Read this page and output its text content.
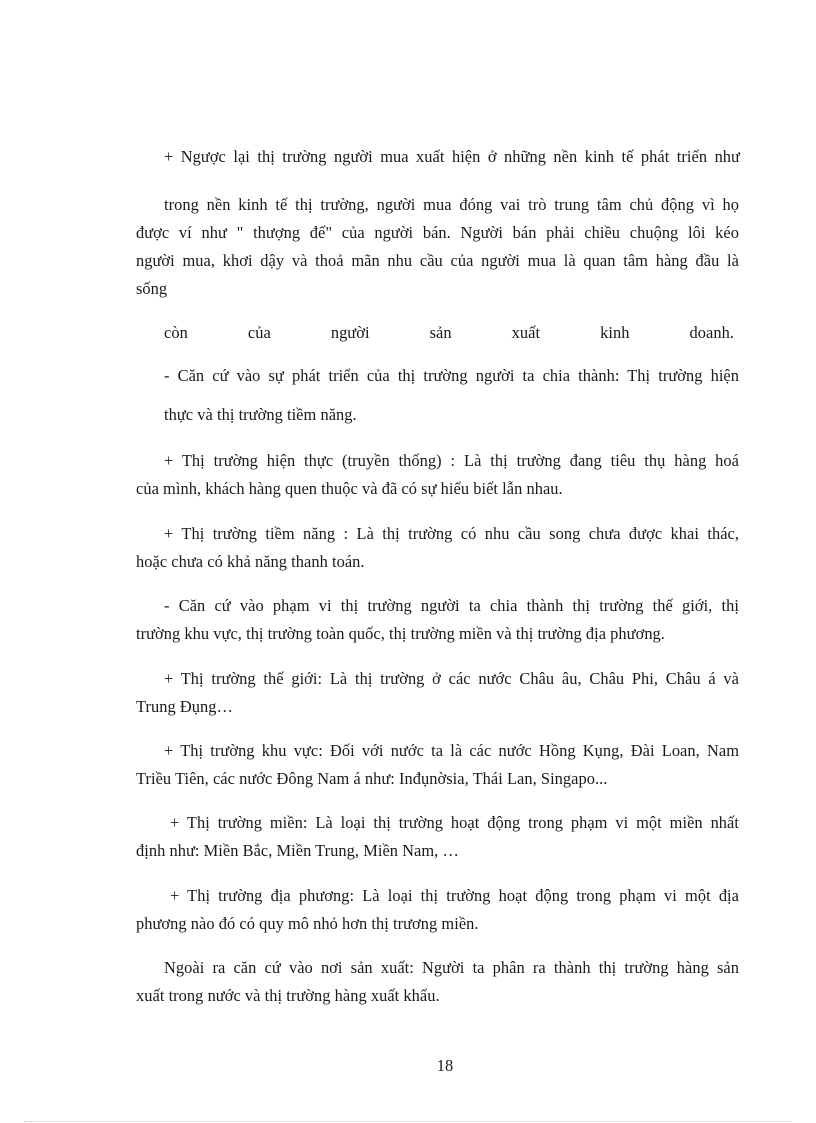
+ Ngược lại thị trường người mua xuất hiện ở những nền kinh tế phát triển như
trong nền kinh tế thị trường, người mua đóng vai trò trung tâm chủ động vì họ
được ví như " thượng đế" của người bán. Người bán phải chiều chuộng lôi kéo
người mua, khơi dậy và thoả mãn nhu cầu của người mua là quan tâm hàng đầu là
sống
còn của người sản xuất kinh doanh.
- Căn cứ vào sự phát triển của thị trường người ta chia thành: Thị trường hiện
thực và thị trường tiềm năng.
+ Thị trường hiện thực (truyền thống) : Là thị trường đang tiêu thụ hàng hoá
của mình, khách hàng quen thuộc và đã có sự hiểu biết lẫn nhau.
+ Thị trường tiềm năng : Là thị trường có nhu cầu song chưa được khai thác,
hoặc chưa có khả năng thanh toán.
- Căn cứ vào phạm vi thị trường người ta chia thành thị trường thế giới, thị
trường khu vực, thị trường toàn quốc, thị trường miền và thị trường địa phương.
+ Thị trường thế giới: Là thị trường ở các nước Châu âu, Châu Phi, Châu á và
Trung Đụng…
+ Thị trường khu vực: Đối với nước ta là các nước Hồng Kụng, Đài Loan, Nam
Triều Tiên, các nước Đông Nam á như: Inđụnờsia, Thái Lan, Singapo...
+ Thị trường miền: Là loại thị trường hoạt động trong phạm vi một miền nhất
định như: Miền Bắc, Miền Trung, Miền Nam, …
+ Thị trường địa phương: Là loại thị trường hoạt động trong phạm vi một địa
phương nào đó có quy mô nhỏ hơn thị trương miền.
Ngoài ra căn cứ vào nơi sản xuất: Người ta phân ra thành thị trường hàng sản
xuất trong nước và thị trường hàng xuất khẩu.
18
